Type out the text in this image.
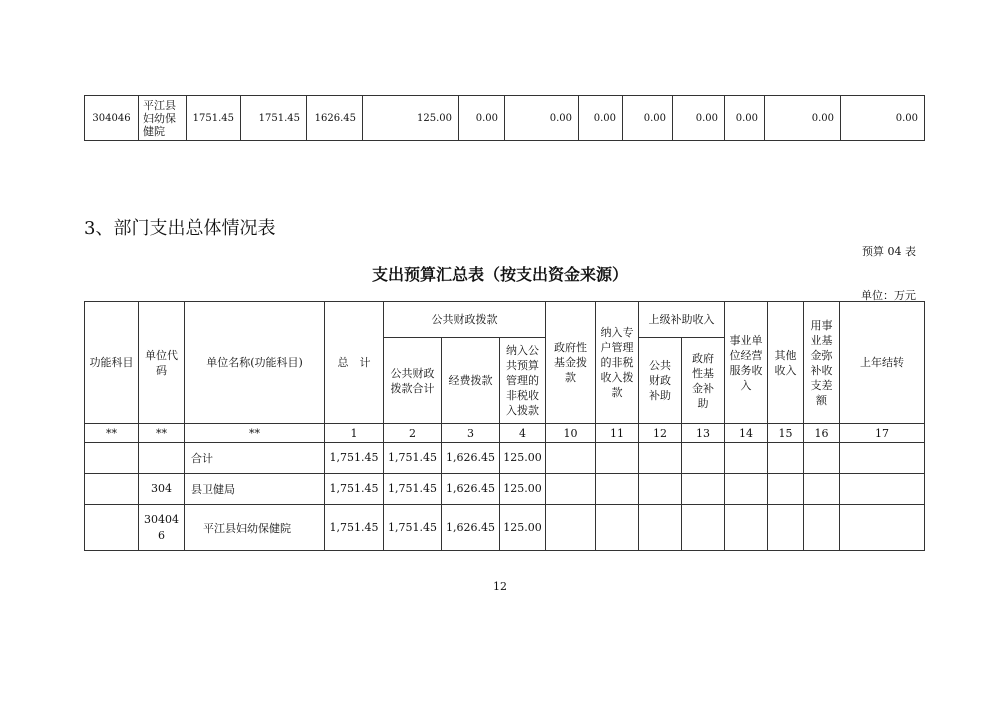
304046	平江县妇幼保健院	1751.45	1751.45	1626.45	125.00	0.00	0.00	0.00	0.00	0.00	0.00	0.00	0.00
3、部门支出总体情况表
预算 04 表
支出预算汇总表（按支出资金来源）
单位：万元
功能科目	单位代码	单位名称(功能科目)	总　计	公共财政拨款			政府性基金拨款	纳入专户管理的非税收入拨款	上级补助收入		事业单位经营服务收入	其他收入	用事业基金弥补收支差额	上年结转
				公共财政拨款合计	经费拨款	纳入公共预算管理的非税收入拨款			公共财政补助	政府性基金补助				
**	**	**	1	2	3	4	10	11	12	13	14	15	16	17
		合计	1,751.45	1,751.45	1,626.45	125.00								
	304	县卫健局	1,751.45	1,751.45	1,626.45	125.00								
	304046	平江县妇幼保健院	1,751.45	1,751.45	1,626.45	125.00								
12
